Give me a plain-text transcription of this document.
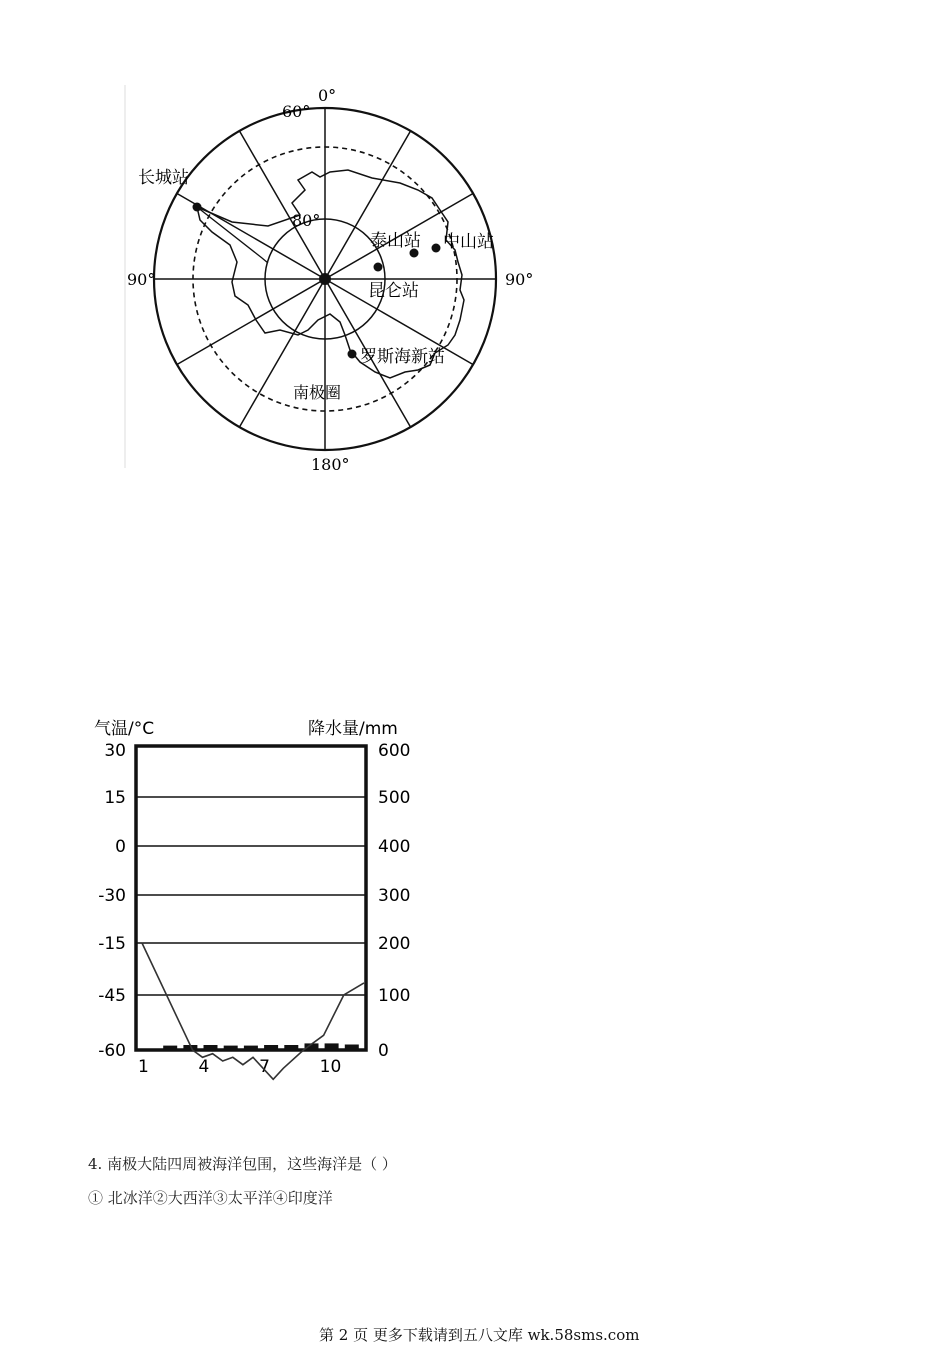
0°
60°
90°	90°
180°
80°
南极圈
长城站
泰山站 中山站
昆仑站
罗斯海新站
气温/°C	降水量/mm
30
15
0
-30
-15
-45
-60
600
500
400
300
200
100
0
1	4	7	10
4. 南极大陆四周被海洋包围，这些海洋是（ ）
① 北冰洋②大西洋③太平洋④印度洋
第 2 页 更多下载请到五八文库 wk.58sms.com
